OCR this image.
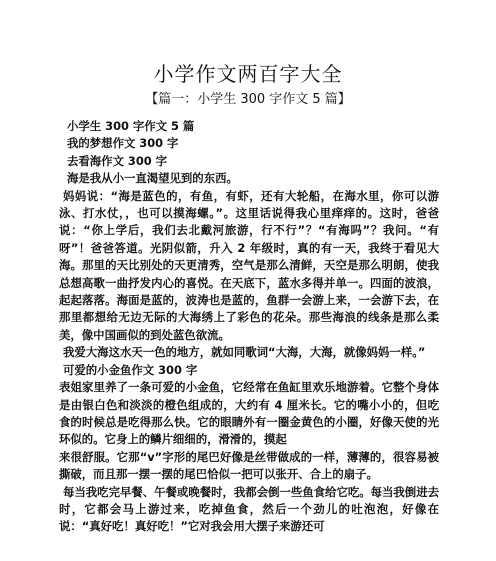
小学作文两百字大全
【篇一：小学生 300 字作文 5 篇】

小学生 300 字作文 5 篇

我的梦想作文 300 字

去看海作文 300 字

海是我从小一直渴望见到的东西。

妈妈说：“海是蓝色的，有鱼，有虾，还有大轮船，在海水里，你可以游泳、打水仗，，也可以摸海螺。”。这里话说得我心里痒痒的。这时，爸爸说：“你上学后，我们去北戴河旅游，行不行”？“有海吗”？我问。“有呀”！爸爸答道。光阴似箭，升入 2 年级时，真的有一天，我终于看见大海。那里的天比别处的天更清秀，空气是那么清鲜，天空是那么明朗，使我总想高歌一曲抒发内心的喜悦。在天底下，蓝水多得并单一。四面的波浪，起起落落。海面是蓝的，波涛也是蓝的，鱼群一会游上来，一会游下去，在那里都想给无边无际的大海绣上了彩色的花朵。那些海浪的线条是那么柔美，像中国画似的到处蓝色欲流。

我爱大海这水天一色的地方，就如同歌词“大海，大海，就像妈妈一样。”

可爱的小金鱼作文 300 字

表姐家里养了一条可爱的小金鱼，它经常在鱼缸里欢乐地游着。它整个身体是由银白色和淡淡的橙色组成的，大约有 4 厘米长。它的嘴小小的，但吃食的时候总是吃得那么快。它的眼睛外有一圈金黄色的小圈，好像天使的光环似的。它身上的鳞片细细的，滑滑的，摸起

来很舒服。它那“v”字形的尾巴好像是丝带做成的一样，薄薄的，很容易被撕破，而且那一摆一摆的尾巴恰似一把可以张开、合上的扇子。

每当我吃完早餐、午餐或晚餐时，我都会倒一些鱼食给它吃。每当我倒进去时，它都会马上游过来，吃掉鱼食，然后一个劲儿的吐泡泡，好像在说：“真好吃！真好吃！”它对我会用大摆子来游还可
